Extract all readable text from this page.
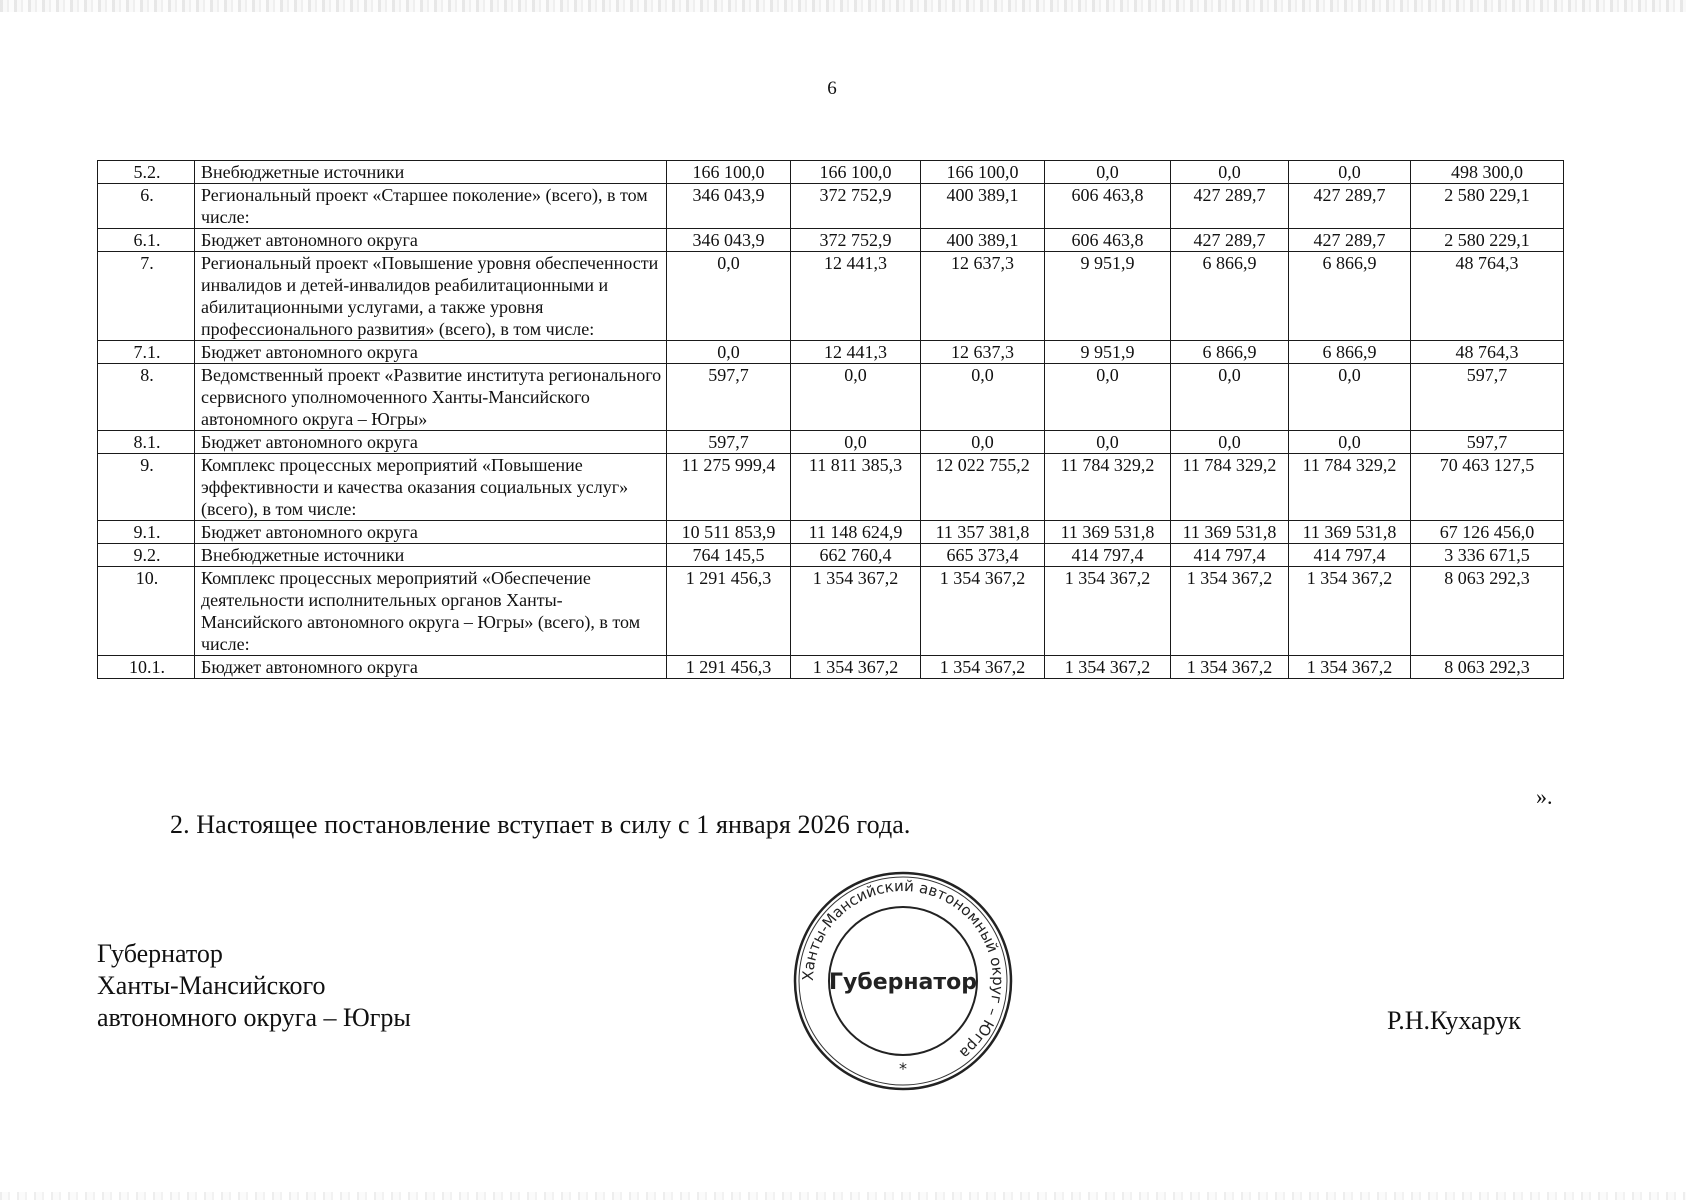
6
5.2.	Внебюджетные источники	166 100,0	166 100,0	166 100,0	0,0	0,0	0,0	498 300,0
6.	Региональный проект «Старшее поколение» (всего), в том числе:	346 043,9	372 752,9	400 389,1	606 463,8	427 289,7	427 289,7	2 580 229,1
6.1.	Бюджет автономного округа	346 043,9	372 752,9	400 389,1	606 463,8	427 289,7	427 289,7	2 580 229,1
7.	Региональный проект «Повышение уровня обеспеченности инвалидов и детей-инвалидов реабилитационными и абилитационными услугами, а также уровня профессионального развития» (всего), в том числе:	0,0	12 441,3	12 637,3	9 951,9	6 866,9	6 866,9	48 764,3
7.1.	Бюджет автономного округа	0,0	12 441,3	12 637,3	9 951,9	6 866,9	6 866,9	48 764,3
8.	Ведомственный проект «Развитие института регионального сервисного уполномоченного Ханты-Мансийского автономного округа – Югры»	597,7	0,0	0,0	0,0	0,0	0,0	597,7
8.1.	Бюджет автономного округа	597,7	0,0	0,0	0,0	0,0	0,0	597,7
9.	Комплекс процессных мероприятий «Повышение эффективности и качества оказания социальных услуг» (всего), в том числе:	11 275 999,4	11 811 385,3	12 022 755,2	11 784 329,2	11 784 329,2	11 784 329,2	70 463 127,5
9.1.	Бюджет автономного округа	10 511 853,9	11 148 624,9	11 357 381,8	11 369 531,8	11 369 531,8	11 369 531,8	67 126 456,0
9.2.	Внебюджетные источники	764 145,5	662 760,4	665 373,4	414 797,4	414 797,4	414 797,4	3 336 671,5
10.	Комплекс процессных мероприятий «Обеспечение деятельности исполнительных органов Ханты-Мансийского автономного округа – Югры» (всего), в том числе:	1 291 456,3	1 354 367,2	1 354 367,2	1 354 367,2	1 354 367,2	1 354 367,2	8 063 292,3
10.1.	Бюджет автономного округа	1 291 456,3	1 354 367,2	1 354 367,2	1 354 367,2	1 354 367,2	1 354 367,2	8 063 292,3
».
2. Настоящее постановление вступает в силу с 1 января 2026 года.
Губернатор
Ханты-Мансийского
автономного округа – Югры	Р.Н.Кухарук
Ханты-Мансийский автономный округ – Югра
Губернатор
*
